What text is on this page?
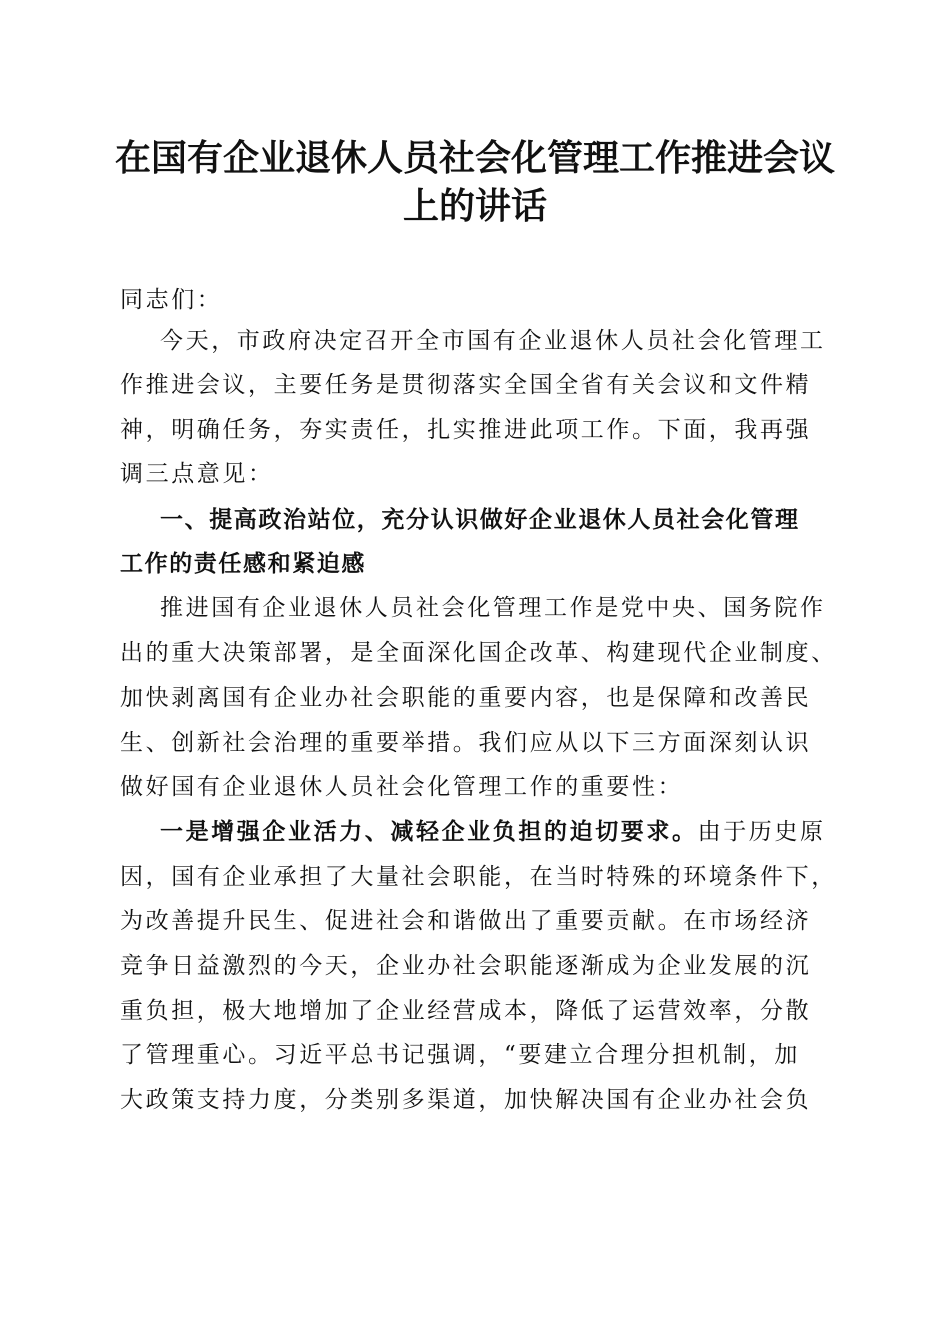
在国有企业退休人员社会化管理工作推进会议
上的讲话

同志们：

今天，市政府决定召开全市国有企业退休人员社会化管理工

作推进会议，主要任务是贯彻落实全国全省有关会议和文件精

神，明确任务，夯实责任，扎实推进此项工作。下面，我再强

调三点意见：

一、提高政治站位，充分认识做好企业退休人员社会化管理

工作的责任感和紧迫感

推进国有企业退休人员社会化管理工作是党中央、国务院作

出的重大决策部署，是全面深化国企改革、构建现代企业制度、

加快剥离国有企业办社会职能的重要内容，也是保障和改善民

生、创新社会治理的重要举措。我们应从以下三方面深刻认识

做好国有企业退休人员社会化管理工作的重要性：

一是增强企业活力、减轻企业负担的迫切要求。由于历史原

因，国有企业承担了大量社会职能，在当时特殊的环境条件下，

为改善提升民生、促进社会和谐做出了重要贡献。在市场经济

竞争日益激烈的今天，企业办社会职能逐渐成为企业发展的沉

重负担，极大地增加了企业经营成本，降低了运营效率，分散

了管理重心。习近平总书记强调，“要建立合理分担机制，加

大政策支持力度，分类别多渠道，加快解决国有企业办社会负
